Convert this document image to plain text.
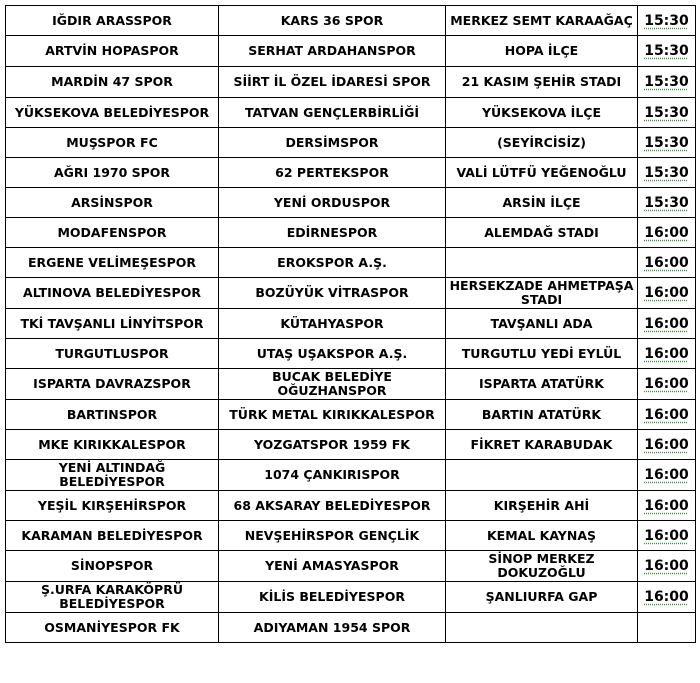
IĞDIR ARASSPOR	KARS 36 SPOR	MERKEZ SEMT KARAAĞAÇ	15:30
ARTVİN HOPASPOR	SERHAT ARDAHANSPOR	HOPA İLÇE	15:30
MARDİN 47 SPOR	SİİRT İL ÖZEL İDARESİ SPOR	21 KASIM ŞEHİR STADI	15:30
YÜKSEKOVA BELEDİYESPOR	TATVAN GENÇLERBİRLİĞİ	YÜKSEKOVA İLÇE	15:30
MUŞSPOR FC	DERSİMSPOR	(SEYİRCİSİZ)	15:30
AĞRI 1970 SPOR	62 PERTEKSPOR	VALİ LÜTFÜ YEĞENOĞLU	15:30
ARSİNSPOR	YENİ ORDUSPOR	ARSİN İLÇE	15:30
MODAFENSPOR	EDİRNESPOR	ALEMDAĞ STADI	16:00
ERGENE VELİMEŞESPOR	EROKSPOR A.Ş.		16:00
ALTINOVA BELEDİYESPOR	BOZÜYÜK VİTRASPOR	HERSEKZADE AHMETPAŞA STADI	16:00
TKİ TAVŞANLI LİNYİTSPOR	KÜTAHYASPOR	TAVŞANLI ADA	16:00
TURGUTLUSPOR	UTAŞ UŞAKSPOR A.Ş.	TURGUTLU YEDİ EYLÜL	16:00
ISPARTA DAVRAZSPOR	BUCAK BELEDİYE OĞUZHANSPOR	ISPARTA ATATÜRK	16:00
BARTINSPOR	TÜRK METAL KIRIKKALESPOR	BARTIN ATATÜRK	16:00
MKE KIRIKKALESPOR	YOZGATSPOR 1959 FK	FİKRET KARABUDAK	16:00
YENİ ALTINDAĞ BELEDİYESPOR	1074 ÇANKIRISPOR		16:00
YEŞİL KIRŞEHİRSPOR	68 AKSARAY BELEDİYESPOR	KIRŞEHİR AHİ	16:00
KARAMAN BELEDİYESPOR	NEVŞEHİRSPOR GENÇLİK	KEMAL KAYNAŞ	16:00
SİNOPSPOR	YENİ AMASYASPOR	SİNOP MERKEZ DOKUZOĞLU	16:00
Ş.URFA KARAKÖPRÜ BELEDİYESPOR	KİLİS BELEDİYESPOR	ŞANLIURFA GAP	16:00
OSMANİYESPOR FK	ADIYAMAN 1954 SPOR		
